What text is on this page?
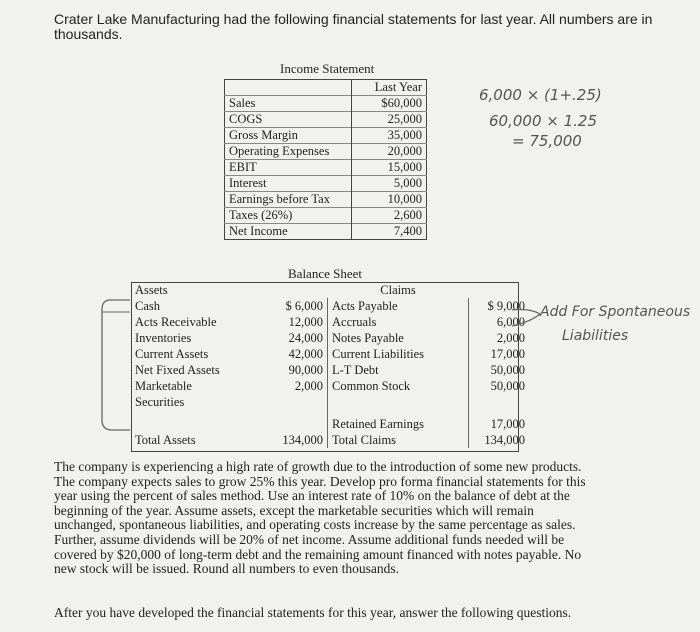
Crater Lake Manufacturing had the following financial statements for last year. All numbers are in thousands.
Income Statement
	Last Year
Sales	$60,000
COGS	25,000
Gross Margin	35,000
Operating Expenses	20,000
EBIT	15,000
Interest	5,000
Earnings before Tax	10,000
Taxes (26%)	2,600
Net Income	7,400
6,000 × (1+.25)
60,000 × 1.25
= 75,000
Balance Sheet
Assets		Claims	
Cash	$ 6,000	Acts Payable	$ 9,000
Acts Receivable	12,000	Accruals	6,000
Inventories	24,000	Notes Payable	2,000
Current Assets	42,000	Current Liabilities	17,000
Net Fixed Assets	90,000	L-T Debt	50,000
Marketable	2,000	Common Stock	50,000
Securities			
		Retained Earnings	17,000
Total Assets	134,000	Total Claims	134,000
Add For Spontaneous
Liabilities
The company is experiencing a high rate of growth due to the introduction of some new products. The company expects sales to grow 25% this year. Develop pro forma financial statements for this year using the percent of sales method. Use an interest rate of 10% on the balance of debt at the beginning of the year. Assume assets, except the marketable securities which will remain unchanged, spontaneous liabilities, and operating costs increase by the same percentage as sales. Further, assume dividends will be 20% of net income. Assume additional funds needed will be covered by $20,000 of long-term debt and the remaining amount financed with notes payable. No new stock will be issued. Round all numbers to even thousands.
After you have developed the financial statements for this year, answer the following questions.
